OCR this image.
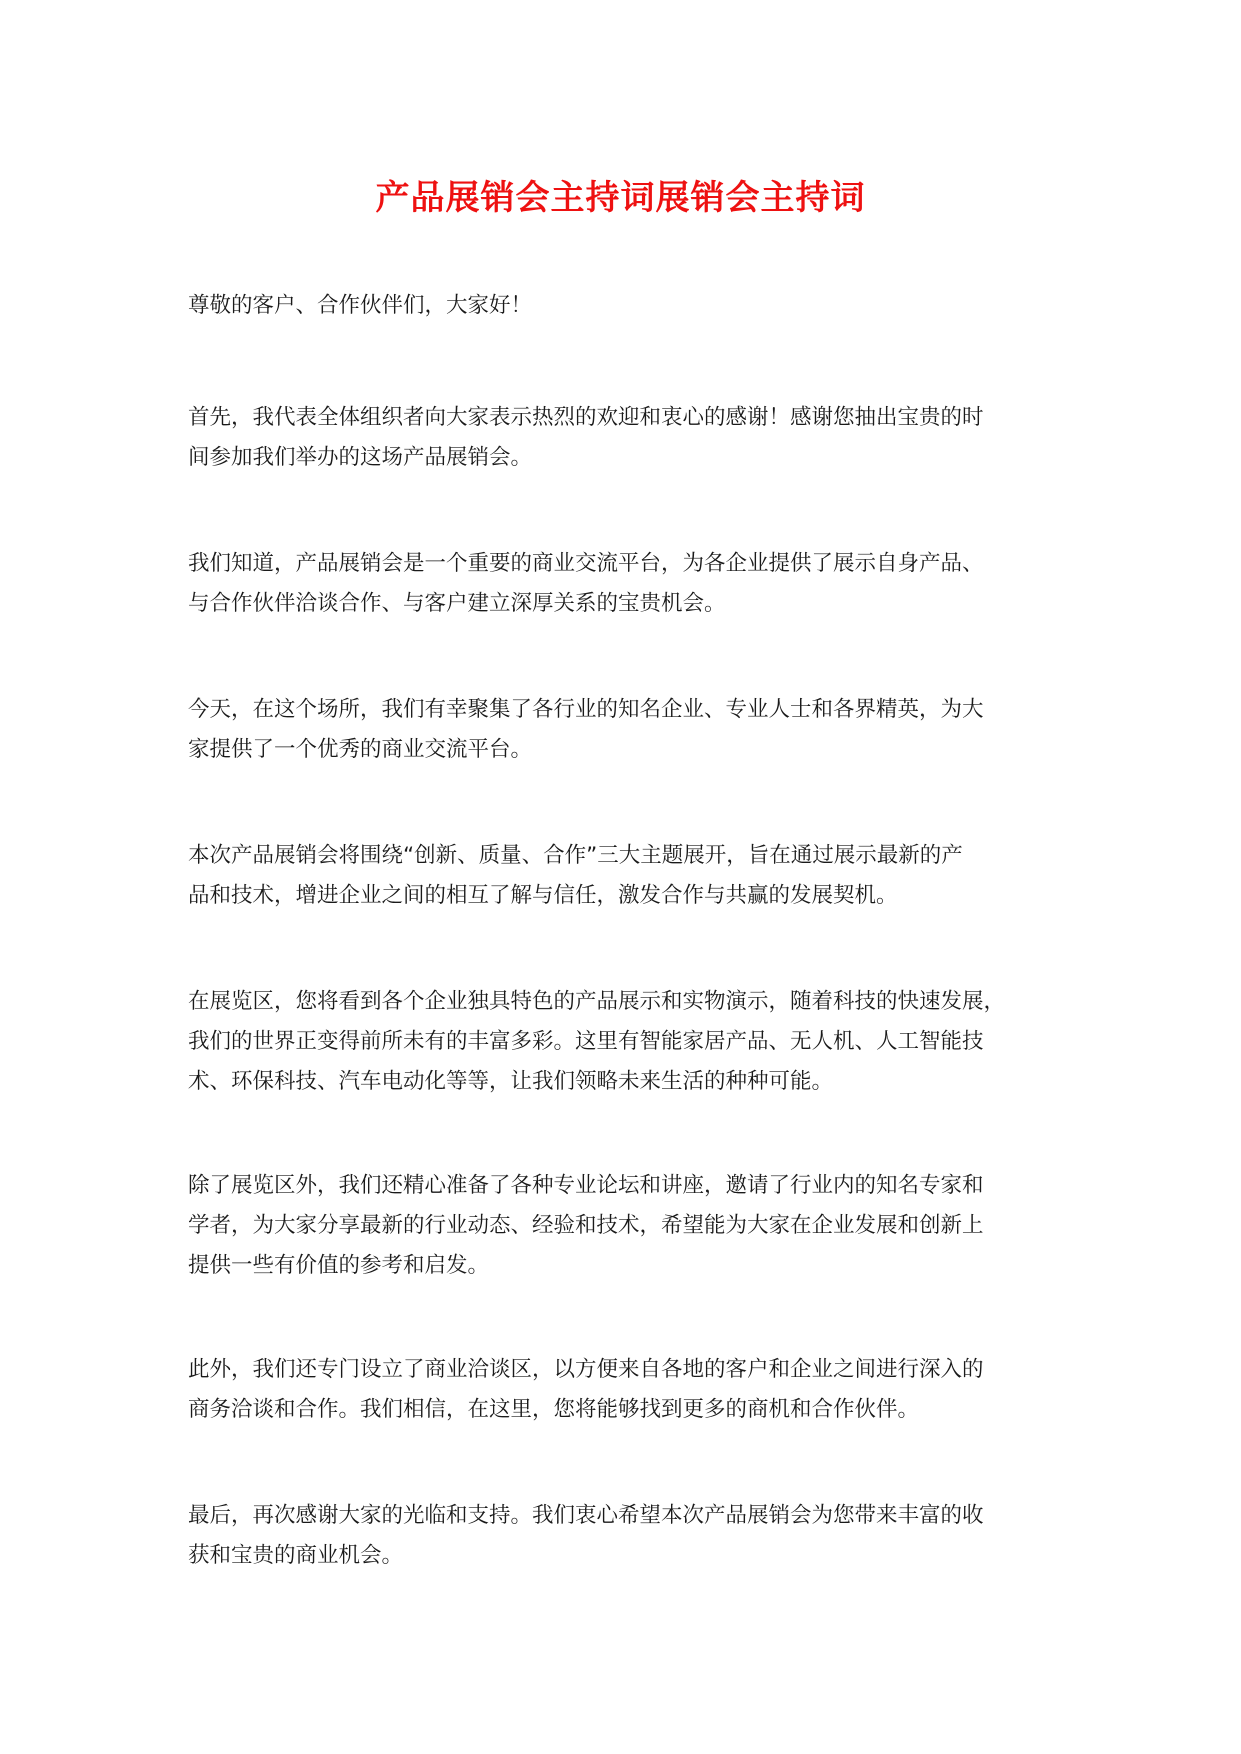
产品展销会主持词展销会主持词

尊敬的客户、合作伙伴们，大家好！

首先，我代表全体组织者向大家表示热烈的欢迎和衷心的感谢！感谢您抽出宝贵的时
间参加我们举办的这场产品展销会。

我们知道，产品展销会是一个重要的商业交流平台，为各企业提供了展示自身产品、
与合作伙伴洽谈合作、与客户建立深厚关系的宝贵机会。

今天，在这个场所，我们有幸聚集了各行业的知名企业、专业人士和各界精英，为大
家提供了一个优秀的商业交流平台。

本次产品展销会将围绕“创新、质量、合作”三大主题展开，旨在通过展示最新的产
品和技术，增进企业之间的相互了解与信任，激发合作与共赢的发展契机。

在展览区，您将看到各个企业独具特色的产品展示和实物演示，随着科技的快速发展，
我们的世界正变得前所未有的丰富多彩。这里有智能家居产品、无人机、人工智能技
术、环保科技、汽车电动化等等，让我们领略未来生活的种种可能。

除了展览区外，我们还精心准备了各种专业论坛和讲座，邀请了行业内的知名专家和
学者，为大家分享最新的行业动态、经验和技术，希望能为大家在企业发展和创新上
提供一些有价值的参考和启发。

此外，我们还专门设立了商业洽谈区，以方便来自各地的客户和企业之间进行深入的
商务洽谈和合作。我们相信，在这里，您将能够找到更多的商机和合作伙伴。

最后，再次感谢大家的光临和支持。我们衷心希望本次产品展销会为您带来丰富的收
获和宝贵的商业机会。
